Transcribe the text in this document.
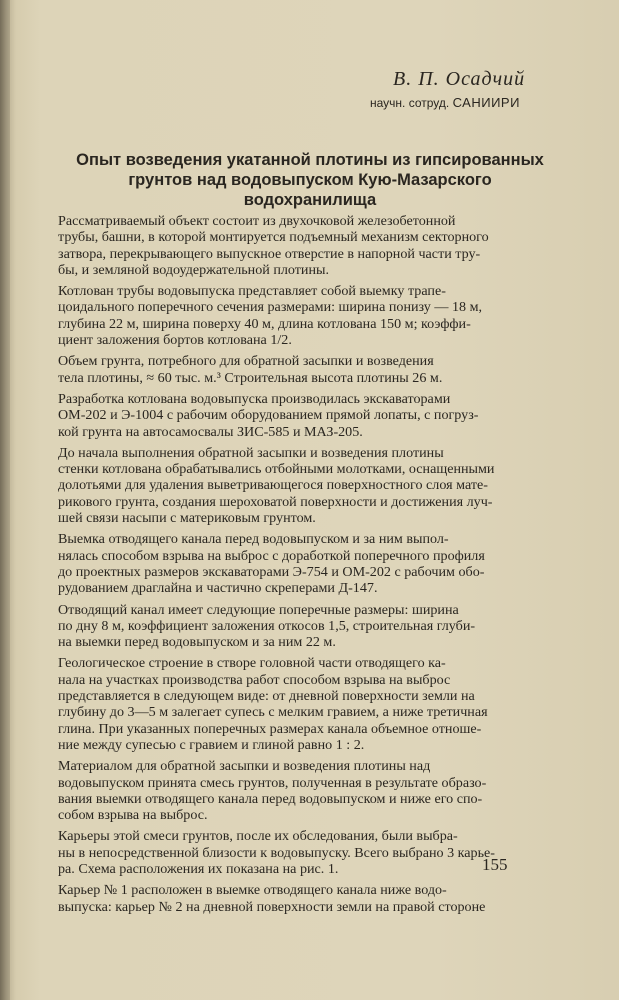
В. П. Осадчий
научн. сотруд. САНИИРИ
Опыт возведения укатанной плотины из гипсированных
грунтов над водовыпуском Кую-Мазарского
водохранилища

Рассматриваемый объект состоит из двухочковой железобетонной
трубы, башни, в которой монтируется подъемный механизм секторного
затвора, перекрывающего выпускное отверстие в напорной части тру-
бы, и земляной водоудержательной плотины.

Котлован трубы водовыпуска представляет собой выемку трапе-
цоидального поперечного сечения размерами: ширина понизу — 18 м,
глубина 22 м, ширина поверху 40 м, длина котлована 150 м; коэффи-
циент заложения бортов котлована 1/2.

Объем грунта, потребного для обратной засыпки и возведения
тела плотины, ≈ 60 тыс. м.³ Строительная высота плотины 26 м.

Разработка котлована водовыпуска производилась экскаваторами
ОМ-202 и Э-1004 с рабочим оборудованием прямой лопаты, с погруз-
кой грунта на автосамосвалы ЗИС-585 и МАЗ-205.

До начала выполнения обратной засыпки и возведения плотины
стенки котлована обрабатывались отбойными молотками, оснащенными
долотьями для удаления выветривающегося поверхностного слоя мате-
рикового грунта, создания шероховатой поверхности и достижения луч-
шей связи насыпи с материковым грунтом.

Выемка отводящего канала перед водовыпуском и за ним выпол-
нялась способом взрыва на выброс с доработкой поперечного профиля
до проектных размеров экскаваторами Э-754 и ОМ-202 с рабочим обо-
рудованием драглайна и частично скреперами Д-147.

Отводящий канал имеет следующие поперечные размеры: ширина
по дну 8 м, коэффициент заложения откосов 1,5, строительная глуби-
на выемки перед водовыпуском и за ним 22 м.

Геологическое строение в створе головной части отводящего ка-
нала на участках производства работ способом взрыва на выброс
представляется в следующем виде: от дневной поверхности земли на
глубину до 3—5 м залегает супесь с мелким гравием, а ниже третичная
глина. При указанных поперечных размерах канала объемное отноше-
ние между супесью с гравием и глиной равно 1 : 2.

Материалом для обратной засыпки и возведения плотины над
водовыпуском принята смесь грунтов, полученная в результате образо-
вания выемки отводящего канала перед водовыпуском и ниже его спо-
собом взрыва на выброс.

Карьеры этой смеси грунтов, после их обследования, были выбра-
ны в непосредственной близости к водовыпуску. Всего выбрано 3 карье-
ра. Схема расположения их показана на рис. 1.

Карьер № 1 расположен в выемке отводящего канала ниже водо-
выпуска: карьер № 2 на дневной поверхности земли на правой стороне

155
